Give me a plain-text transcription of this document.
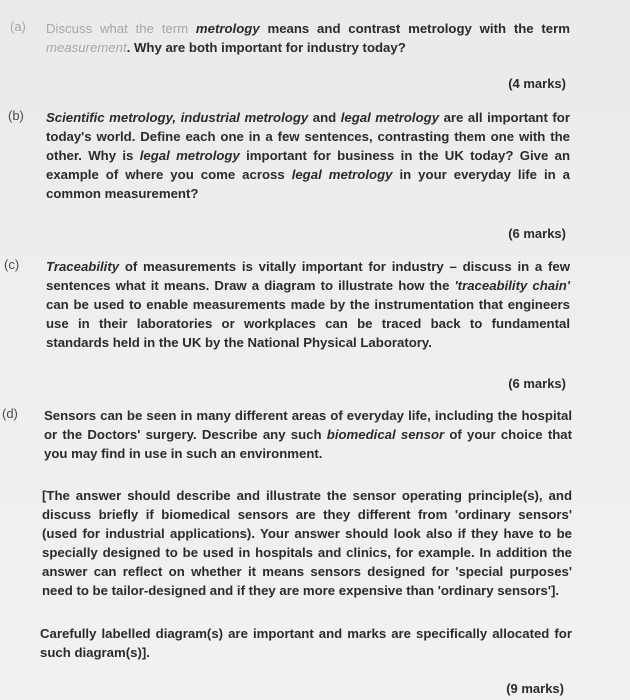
(a) Discuss what the term metrology means and contrast metrology with the term measurement. Why are both important for industry today?
(4 marks)
(b) Scientific metrology, industrial metrology and legal metrology are all important for today's world. Define each one in a few sentences, contrasting them one with the other. Why is legal metrology important for business in the UK today? Give an example of where you come across legal metrology in your everyday life in a common measurement?
(6 marks)
(c) Traceability of measurements is vitally important for industry – discuss in a few sentences what it means. Draw a diagram to illustrate how the 'traceability chain' can be used to enable measurements made by the instrumentation that engineers use in their laboratories or workplaces can be traced back to fundamental standards held in the UK by the National Physical Laboratory.
(6 marks)
(d) Sensors can be seen in many different areas of everyday life, including the hospital or the Doctors' surgery. Describe any such biomedical sensor of your choice that you may find in use in such an environment.
[The answer should describe and illustrate the sensor operating principle(s), and discuss briefly if biomedical sensors are they different from 'ordinary sensors' (used for industrial applications). Your answer should look also if they have to be specially designed to be used in hospitals and clinics, for example. In addition the answer can reflect on whether it means sensors designed for 'special purposes' need to be tailor-designed and if they are more expensive than 'ordinary sensors'].
Carefully labelled diagram(s) are important and marks are specifically allocated for such diagram(s)].
(9 marks)
